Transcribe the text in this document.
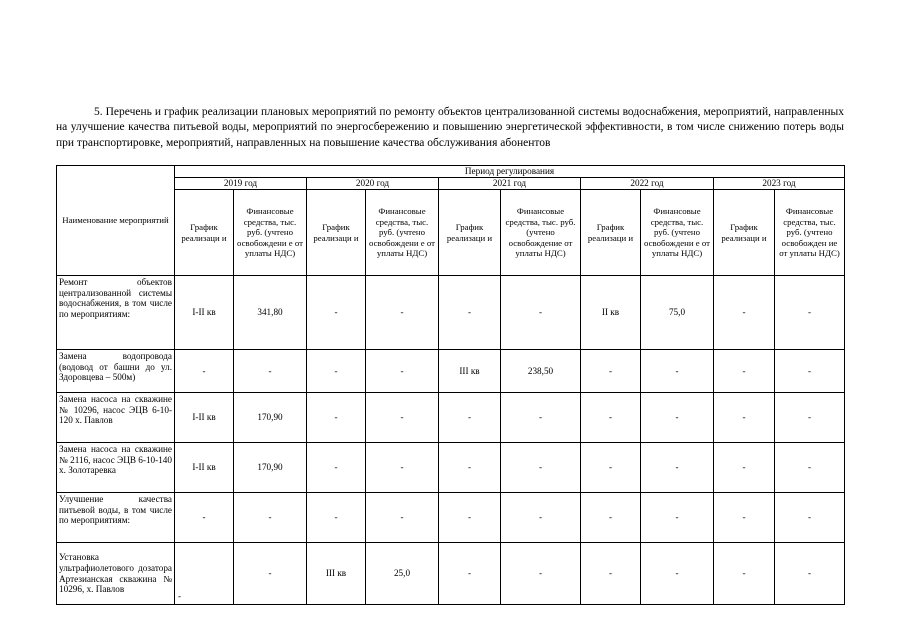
5. Перечень и график реализации плановых мероприятий по ремонту объектов централизованной системы водоснабжения, мероприятий, направленных на улучшение качества питьевой воды, мероприятий по энергосбережению и повышению энергетической эффективности, в том числе снижению потерь воды при транспортировке, мероприятий, направленных на повышение качества обслуживания абонентов

Наименование мероприятий	Период регулирования									
	2019 год		2020 год		2021 год		2022 год		2023 год	
	График реализаци и	Финансовые средства, тыс. руб. (учтено освобождени е от уплаты НДС)	График реализаци и	Финансовые средства, тыс. руб. (учтено освобождени е от уплаты НДС)	График реализаци и	Финансовые средства, тыс. руб. (учтено освобождение от уплаты НДС)	График реализаци и	Финансовые средства, тыс. руб. (учтено освобождени е от уплаты НДС)	График реализаци и	Финансовые средства, тыс. руб. (учтено освобожден ие от уплаты НДС)

Ремонт объектов централизованной системы водоснабжения, в том числе по мероприятиям:	I-II кв	341,80	-	-	-	-	II кв	75,0	-	-

Замена водопровода (водовод от башни до ул. Здоровцева – 500м)	-	-	-	-	III кв	238,50	-	-	-	-

Замена насоса на скважине № 10296, насос ЭЦВ 6-10-120 х. Павлов	I-II кв	170,90	-	-	-	-	-	-	-	-

Замена насоса на скважине № 2116, насос ЭЦВ 6-10-140 х. Золотаревка	I-II кв	170,90	-	-	-	-	-	-	-	-

Улучшение качества питьевой воды, в том числе по мероприятиям:	-	-	-	-	-	-	-	-	-	-

Установка ультрафиолетового дозатора Артезианская скважина № 10296, х. Павлов		-	III кв	25,0	-	-	-	-	-	-
-
